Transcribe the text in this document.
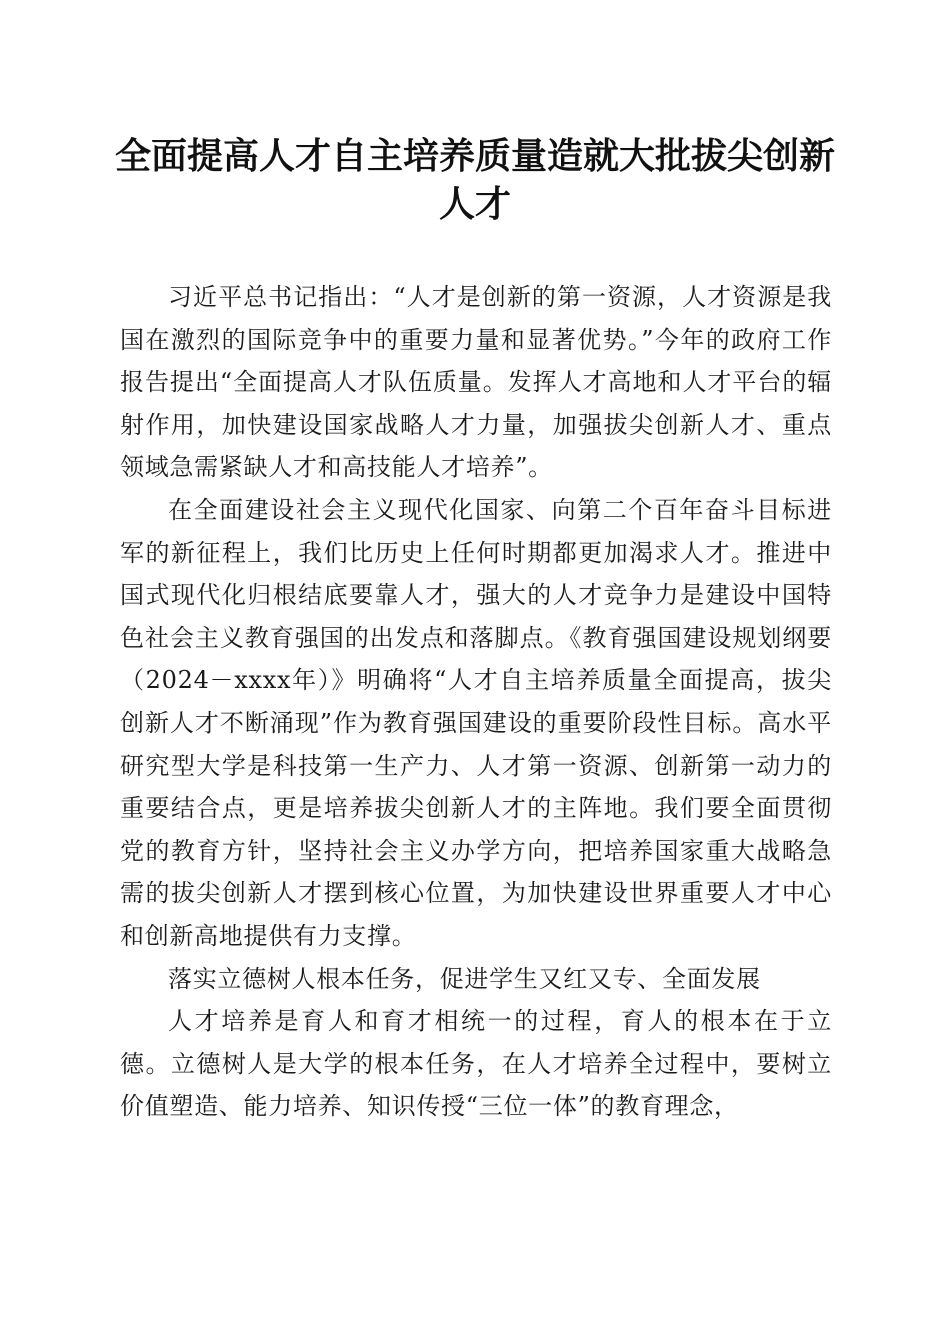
全面提高人才自主培养质量造就大批拔尖创新人才

习近平总书记指出：“人才是创新的第一资源，人才资源是我国在激烈的国际竞争中的重要力量和显著优势。”今年的政府工作报告提出“全面提高人才队伍质量。发挥人才高地和人才平台的辐射作用，加快建设国家战略人才力量，加强拔尖创新人才、重点领域急需紧缺人才和高技能人才培养”。

在全面建设社会主义现代化国家、向第二个百年奋斗目标进军的新征程上，我们比历史上任何时期都更加渴求人才。推进中国式现代化归根结底要靠人才，强大的人才竞争力是建设中国特色社会主义教育强国的出发点和落脚点。《教育强国建设规划纲要（2024－xxxx年）》明确将“人才自主培养质量全面提高，拔尖创新人才不断涌现”作为教育强国建设的重要阶段性目标。高水平研究型大学是科技第一生产力、人才第一资源、创新第一动力的重要结合点，更是培养拔尖创新人才的主阵地。我们要全面贯彻党的教育方针，坚持社会主义办学方向，把培养国家重大战略急需的拔尖创新人才摆到核心位置，为加快建设世界重要人才中心和创新高地提供有力支撑。

落实立德树人根本任务，促进学生又红又专、全面发展

人才培养是育人和育才相统一的过程，育人的根本在于立德。立德树人是大学的根本任务，在人才培养全过程中，要树立价值塑造、能力培养、知识传授“三位一体”的教育理念，
